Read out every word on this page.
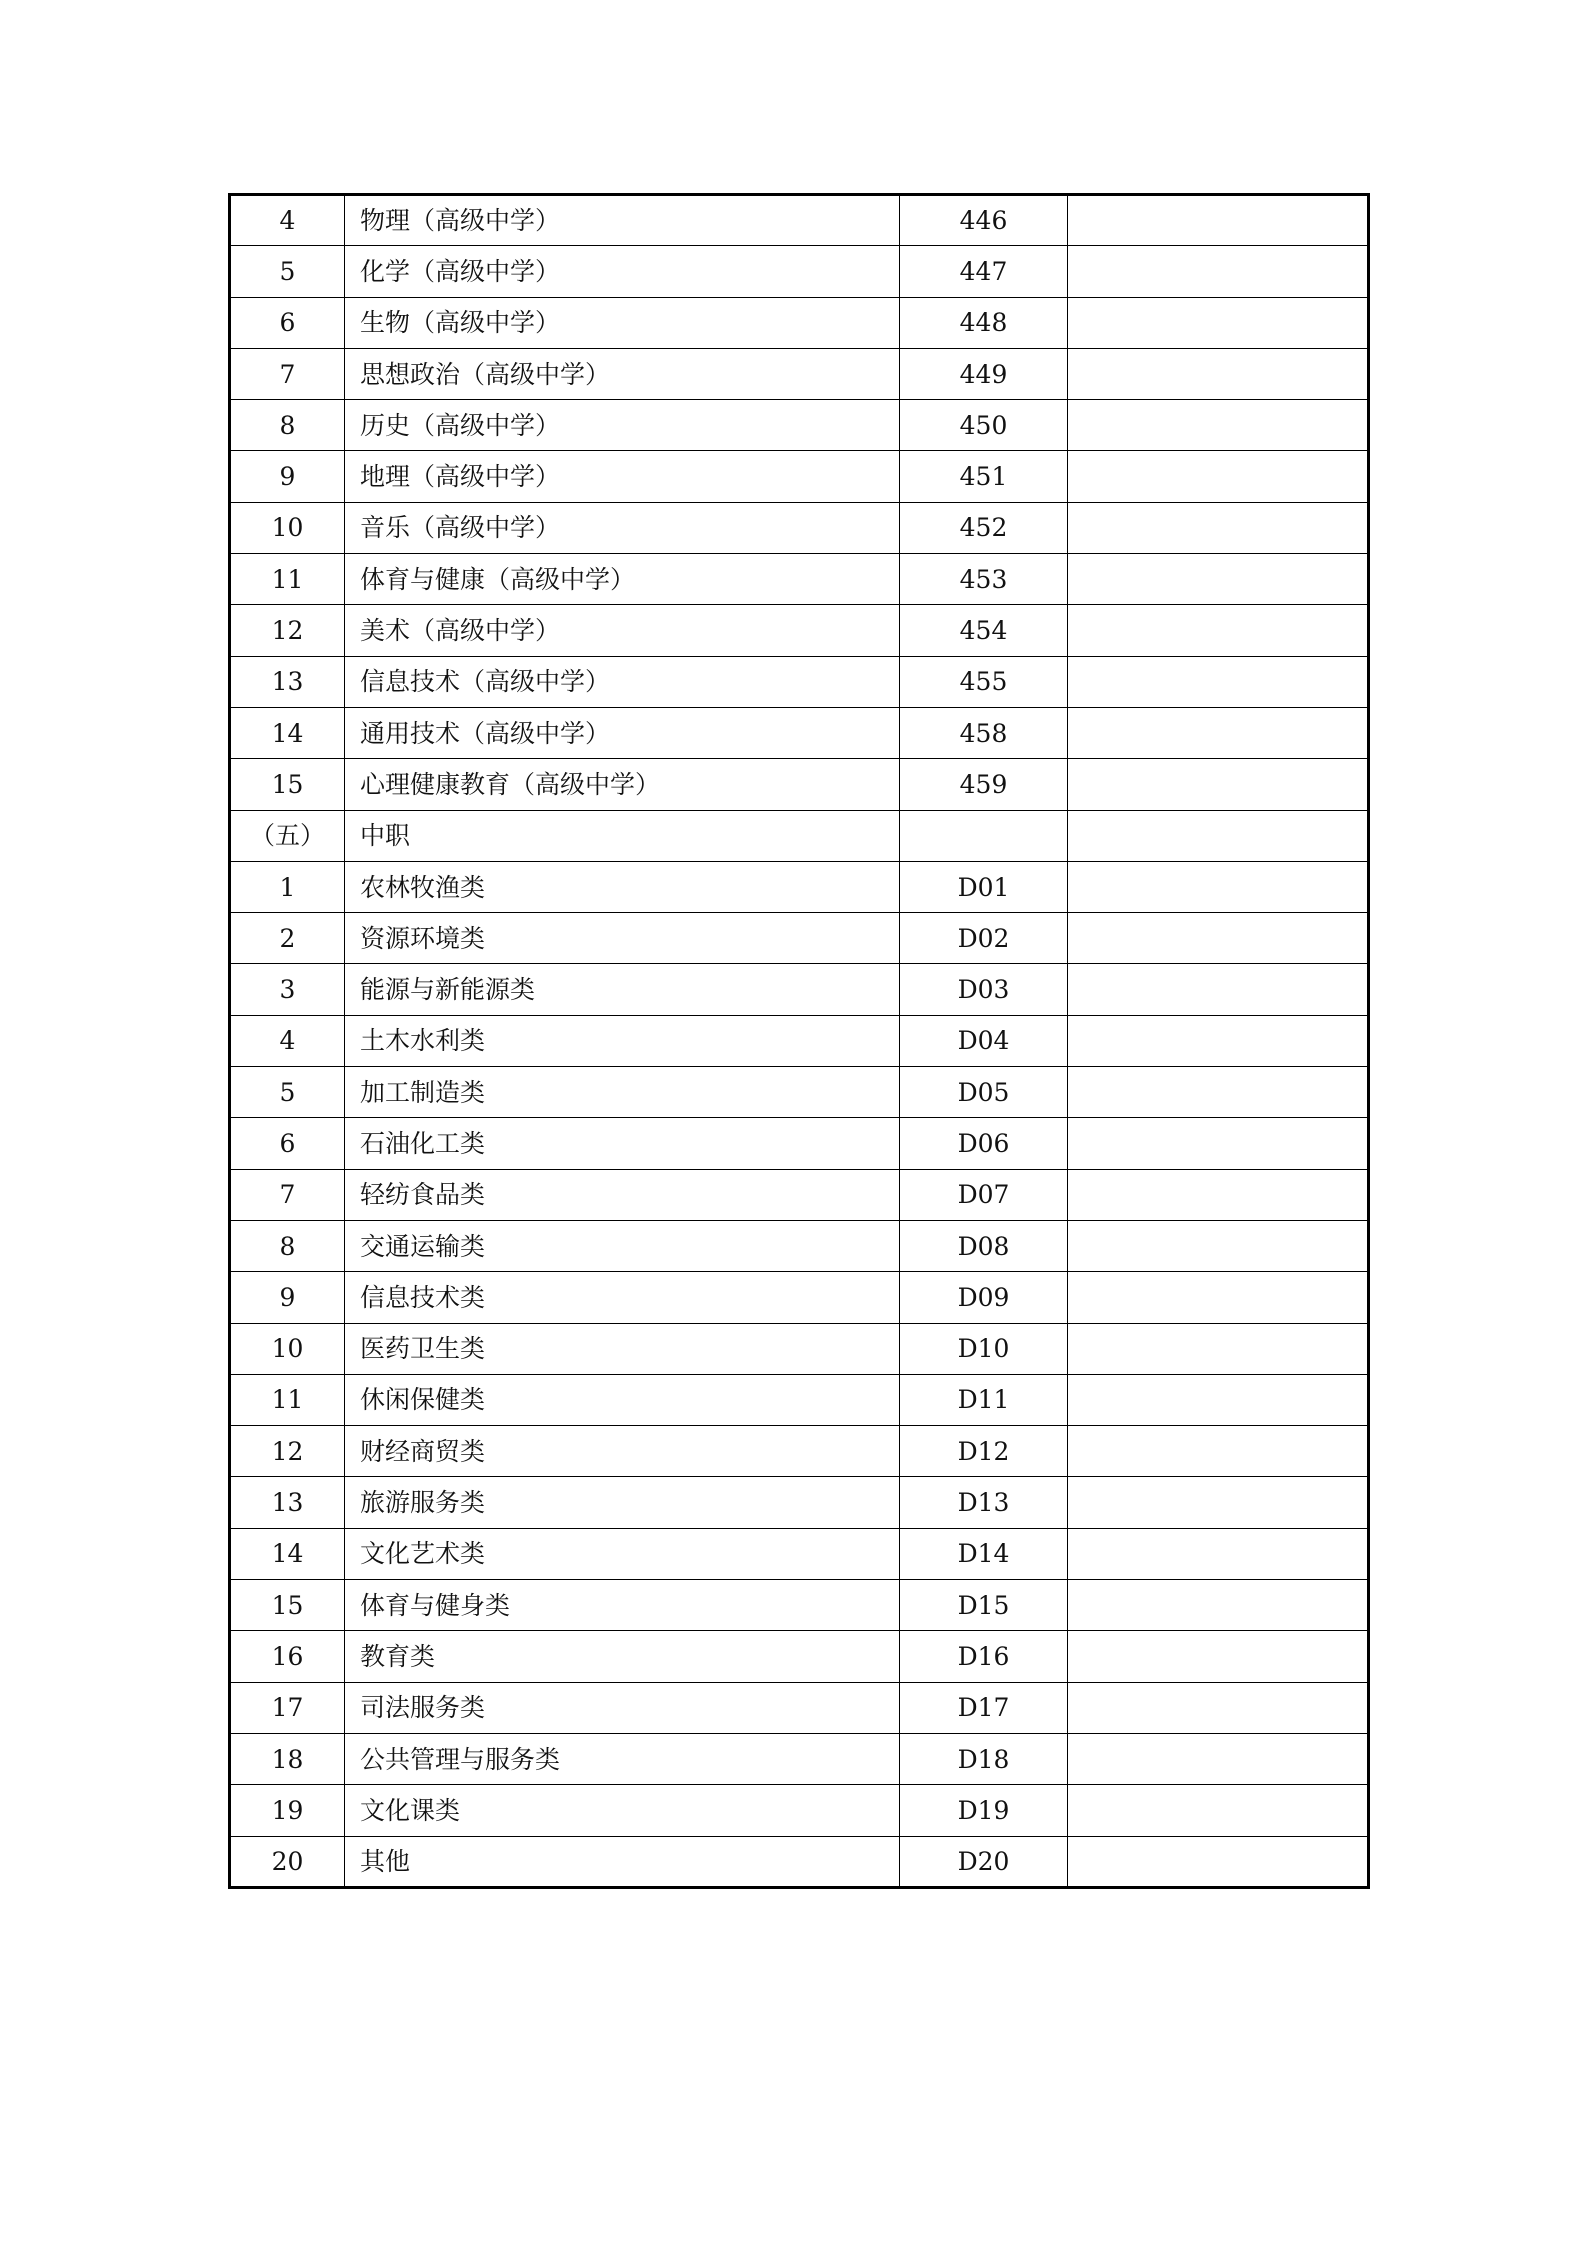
4	物理（高级中学）	446	
5	化学（高级中学）	447	
6	生物（高级中学）	448	
7	思想政治（高级中学）	449	
8	历史（高级中学）	450	
9	地理（高级中学）	451	
10	音乐（高级中学）	452	
11	体育与健康（高级中学）	453	
12	美术（高级中学）	454	
13	信息技术（高级中学）	455	
14	通用技术（高级中学）	458	
15	心理健康教育（高级中学）	459	
（五）	中职		
1	农林牧渔类	D01	
2	资源环境类	D02	
3	能源与新能源类	D03	
4	土木水利类	D04	
5	加工制造类	D05	
6	石油化工类	D06	
7	轻纺食品类	D07	
8	交通运输类	D08	
9	信息技术类	D09	
10	医药卫生类	D10	
11	休闲保健类	D11	
12	财经商贸类	D12	
13	旅游服务类	D13	
14	文化艺术类	D14	
15	体育与健身类	D15	
16	教育类	D16	
17	司法服务类	D17	
18	公共管理与服务类	D18	
19	文化课类	D19	
20	其他	D20	
